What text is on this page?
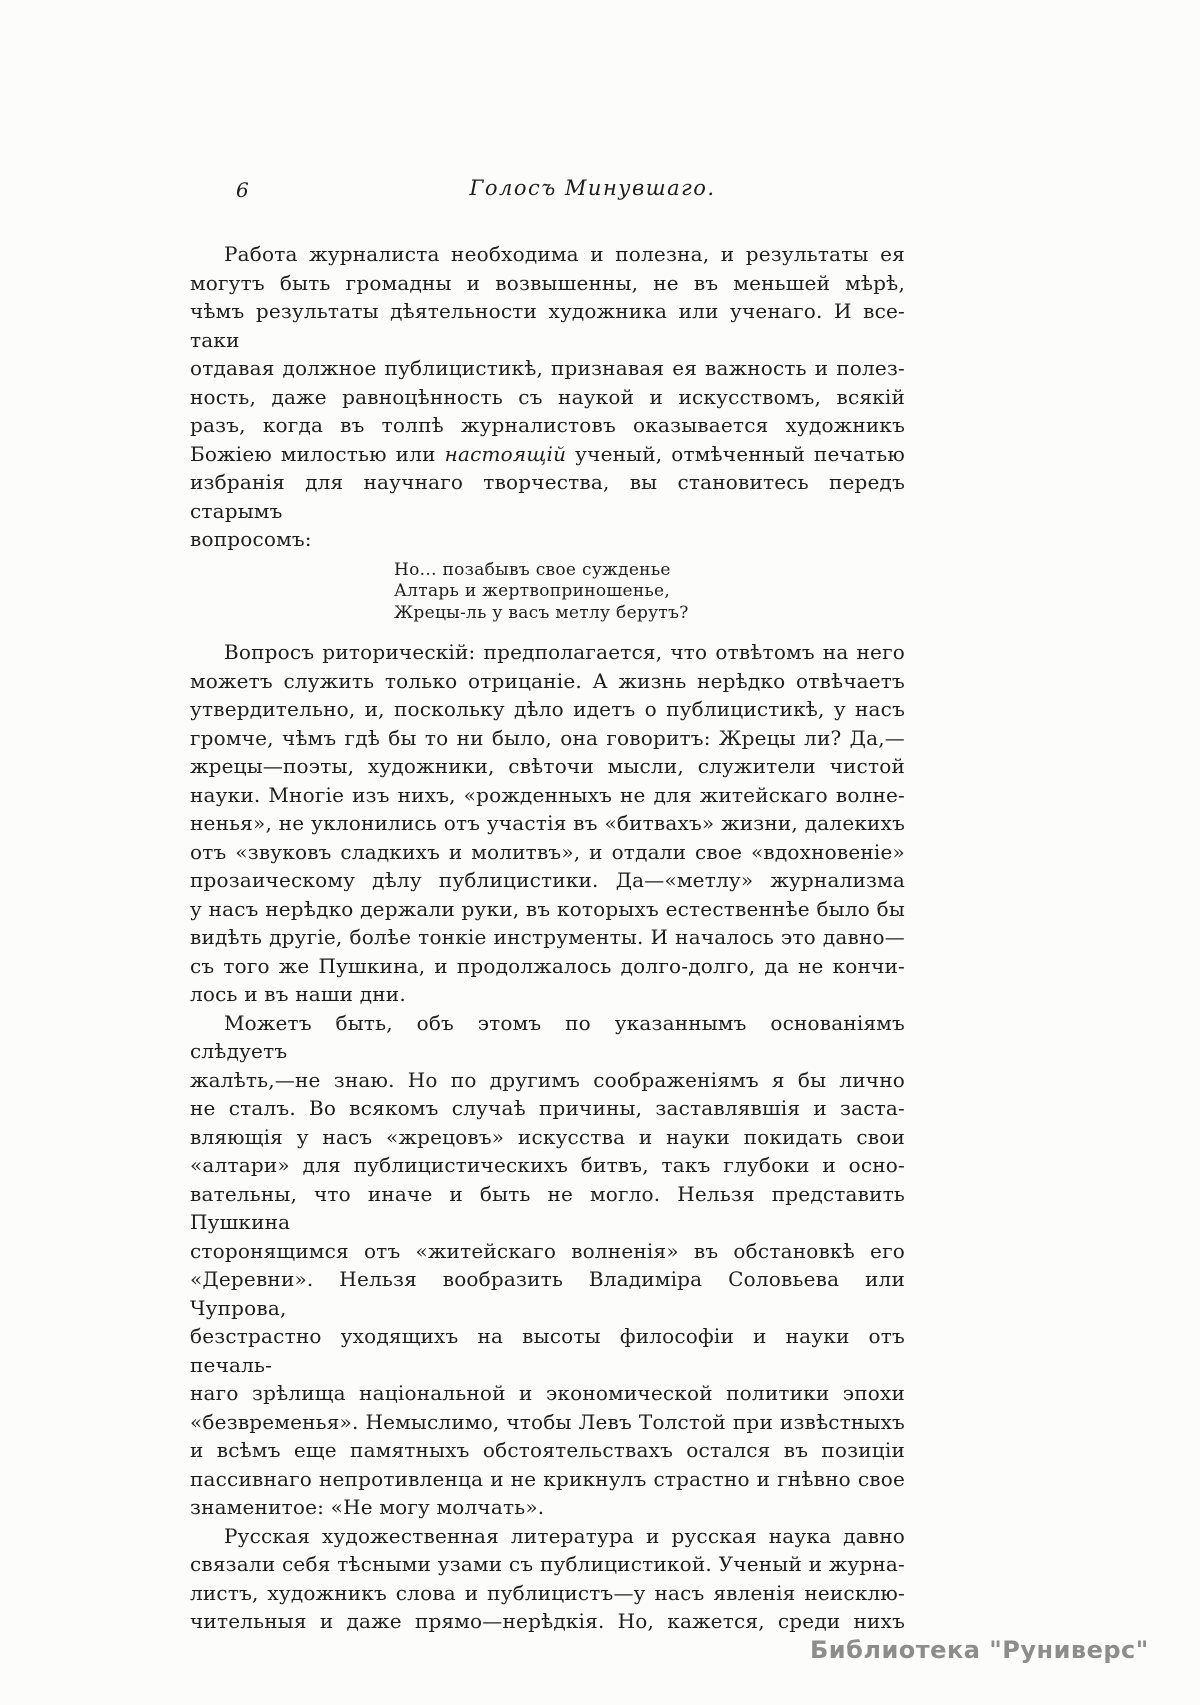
6	Голосъ Минувшаго.
Работа журналиста необходима и полезна, и результаты ея
могутъ быть громадны и возвышенны, не въ меньшей мѣрѣ,
чѣмъ результаты дѣятельности художника или ученаго. И все-таки
отдавая должное публицистикѣ, признавая ея важность и полез-
ность, даже равноцѣнность съ наукой и искусствомъ, всякій
разъ, когда въ толпѣ журналистовъ оказывается художникъ
Божіею милостью или настоящій ученый, отмѣченный печатью
избранія для научнаго творчества, вы становитесь передъ старымъ
вопросомъ:
Но... позабывъ свое сужденье
Алтарь и жертвоприношенье,
Жрецы-ль у васъ метлу берутъ?
Вопросъ риторическій: предполагается, что отвѣтомъ на него
можетъ служить только отрицаніе. А жизнь нерѣдко отвѣчаетъ
утвердительно, и, поскольку дѣло идетъ о публицистикѣ, у насъ
громче, чѣмъ гдѣ бы то ни было, она говоритъ: Жрецы ли? Да,—
жрецы—поэты, художники, свѣточи мысли, служители чистой
науки. Многіе изъ нихъ, «рожденныхъ не для житейскаго волне-
ненья», не уклонились отъ участія въ «битвахъ» жизни, далекихъ
отъ «звуковъ сладкихъ и молитвъ», и отдали свое «вдохновеніе»
прозаическому дѣлу публицистики. Да—«метлу» журнализма
у насъ нерѣдко держали руки, въ которыхъ естественнѣе было бы
видѣть другіе, болѣе тонкіе инструменты. И началось это давно—
съ того же Пушкина, и продолжалось долго-долго, да не кончи-
лось и въ наши дни.
Можетъ быть, объ этомъ по указаннымъ основаніямъ слѣдуетъ
жалѣть,—не знаю. Но по другимъ соображеніямъ я бы лично
не сталъ. Во всякомъ случаѣ причины, заставлявшія и заста-
вляющія у насъ «жрецовъ» искусства и науки покидать свои
«алтари» для публицистическихъ битвъ, такъ глубоки и осно-
вательны, что иначе и быть не могло. Нельзя представить Пушкина
сторонящимся отъ «житейскаго волненія» въ обстановкѣ его
«Деревни». Нельзя вообразить Владиміра Соловьева или Чупрова,
безстрастно уходящихъ на высоты философіи и науки отъ печаль-
наго зрѣлища національной и экономической политики эпохи
«безвременья». Немыслимо, чтобы Левъ Толстой при извѣстныхъ
и всѣмъ еще памятныхъ обстоятельствахъ остался въ позиціи
пассивнаго непротивленца и не крикнулъ страстно и гнѣвно свое
знаменитое: «Не могу молчать».
Русская художественная литература и русская наука давно
связали себя тѣсными узами съ публицистикой. Ученый и журна-
листъ, художникъ слова и публицистъ—у насъ явленія неисклю-
чительныя и даже прямо—нерѣдкія. Но, кажется, среди нихъ
Библиотека "Руниверс"
